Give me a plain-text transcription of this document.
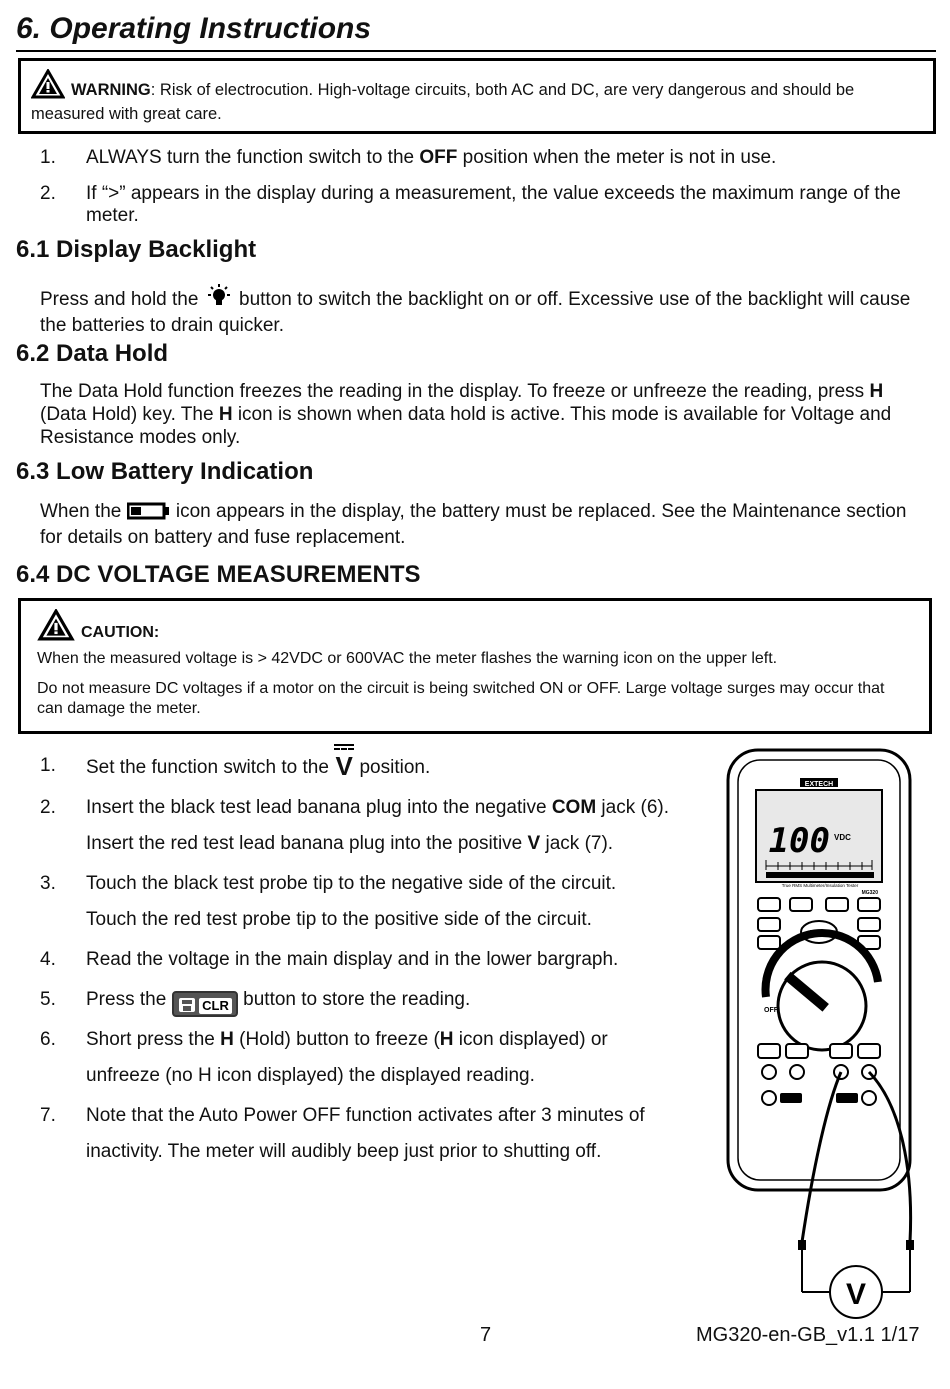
6. Operating Instructions
WARNING: Risk of electrocution. High-voltage circuits, both AC and DC, are very dangerous and should be measured with great care.
1. ALWAYS turn the function switch to the OFF position when the meter is not in use.
2. If “>” appears in the display during a measurement, the value exceeds the maximum range of the meter.
6.1 Display Backlight
Press and hold the  button to switch the backlight on or off. Excessive use of the backlight will cause the batteries to drain quicker.
6.2 Data Hold
The Data Hold function freezes the reading in the display. To freeze or unfreeze the reading, press H (Data Hold) key. The H icon is shown when data hold is active. This mode is available for Voltage and Resistance modes only.
6.3 Low Battery Indication
When the  icon appears in the display, the battery must be replaced. See the Maintenance section for details on battery and fuse replacement.
6.4 DC VOLTAGE MEASUREMENTS
CAUTION:
When the measured voltage is > 42VDC or 600VAC the meter flashes the warning icon on the upper left.
Do not measure DC voltages if a motor on the circuit is being switched ON or OFF. Large voltage surges may occur that can damage the meter.
1. Set the function switch to the V position.

2. Insert the black test lead banana plug into the negative COM jack (6).

Insert the red test lead banana plug into the positive V jack (7).

3. Touch the black test probe tip to the negative side of the circuit.

Touch the red test probe tip to the positive side of the circuit.

4. Read the voltage in the main display and in the lower bargraph.

5. Press the  CLR button to store the reading.

6. Short press the H (Hold) button to freeze (H icon displayed) or unfreeze (no H icon displayed) the displayed reading.

7. Note that the Auto Power OFF function activates after 3 minutes of inactivity. The meter will audibly beep just prior to shutting off.

EXTECH
100 VDC
True RMS Multimeter/Insulation Tester
MG320
TEST
OFF
V
7	MG320-en-GB_v1.1 1/17
